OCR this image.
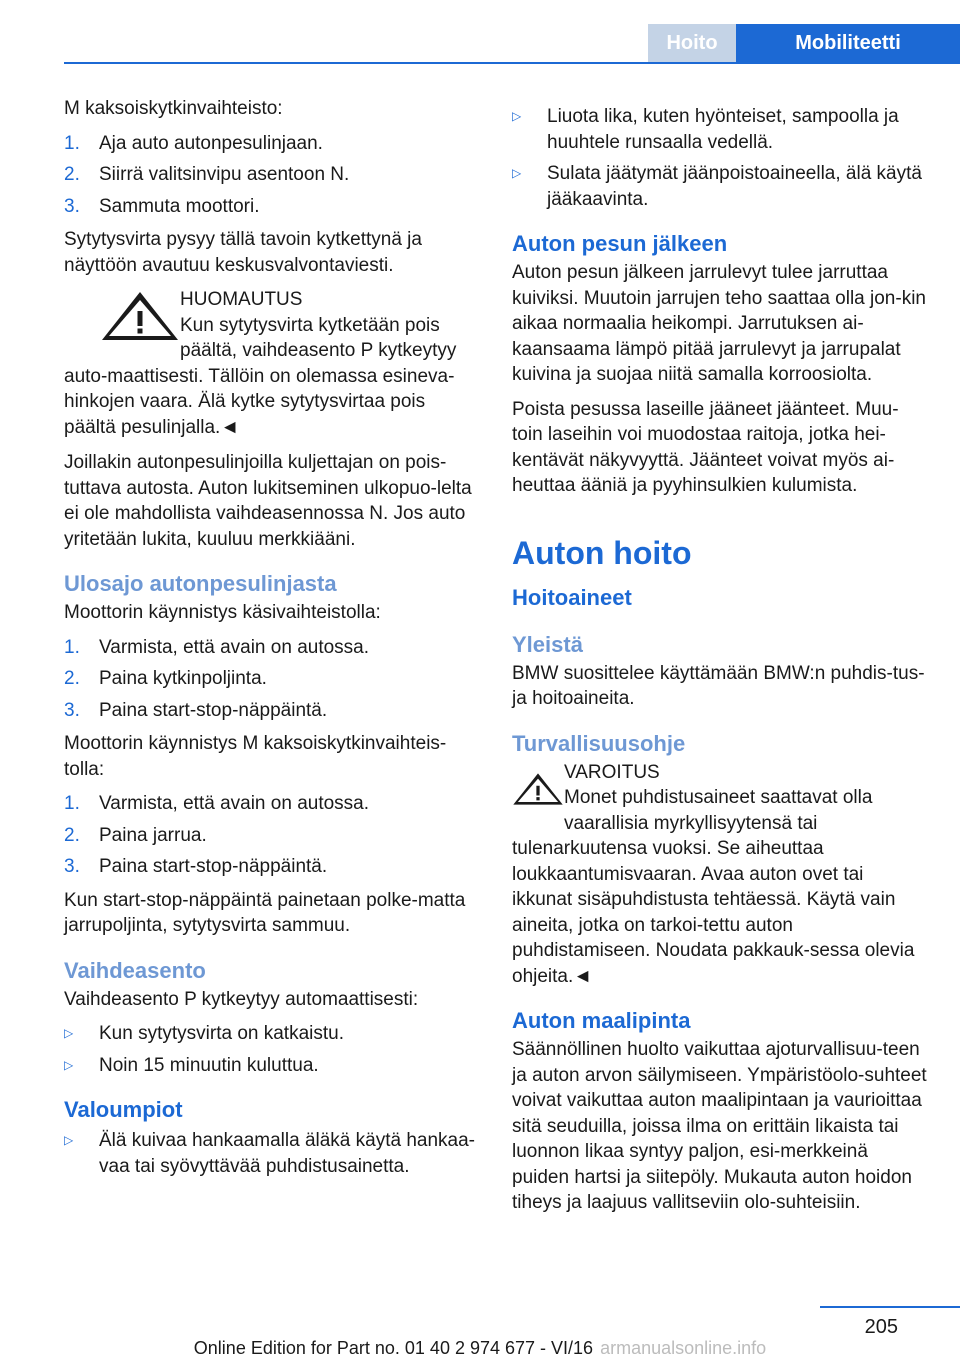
Hoito	Mobiliteetti

M kaksoiskytkinvaihteisto:

1.	Aja auto autonpesulinjaan.
2.	Siirrä valitsinvipu asentoon N.
3.	Sammuta moottori.

Sytytysvirta pysyy tällä tavoin kytkettynä ja näyttöön avautuu keskusvalvontaviesti.

HUOMAUTUS
Kun sytytysvirta kytketään pois päältä, vaihdeasento P kytkeytyy auto‐maattisesti. Tällöin on olemassa esineva‐hinkojen vaara. Älä kytke sytytysvirtaa pois päältä pesulinjalla.◄

Joillakin autonpesulinjoilla kuljettajan on pois‐tuttava autosta. Auton lukitseminen ulkopuo‐lelta ei ole mahdollista vaihdeasennossa N. Jos auto yritetään lukita, kuuluu merkkiääni.

Ulosajo autonpesulinjasta

Moottorin käynnistys käsivaihteistolla:

1.	Varmista, että avain on autossa.
2.	Paina kytkinpoljinta.
3.	Paina start-stop-näppäintä.

Moottorin käynnistys M kaksoiskytkinvaihteis‐tolla:

1.	Varmista, että avain on autossa.
2.	Paina jarrua.
3.	Paina start-stop-näppäintä.

Kun start-stop-näppäintä painetaan polke‐matta jarrupoljinta, sytytysvirta sammuu.

Vaihdeasento

Vaihdeasento P kytkeytyy automaattisesti:

▷	Kun sytytysvirta on katkaistu.
▷	Noin 15 minuutin kuluttua.
Valoumpiot
▷	Älä kuivaa hankaamalla äläkä käytä hankaa‐vaa tai syövyttävää puhdistusainetta.
▷	Liuota lika, kuten hyönteiset, sampoolla ja huuhtele runsaalla vedellä.
▷	Sulata jäätymät jäänpoistoaineella, älä käytä jääkaavinta.
Auton pesun jälkeen

Auton pesun jälkeen jarrulevyt tulee jarruttaa kuiviksi. Muutoin jarrujen teho saattaa olla jon‐kin aikaa normaalia heikompi. Jarrutuksen ai‐kaansaama lämpö pitää jarrulevyt ja jarrupalat kuivina ja suojaa niitä samalla korroosiolta.

Poista pesussa laseille jääneet jäänteet. Muu‐toin laseihin voi muodostaa raitoja, jotka hei‐kentävät näkyvyyttä. Jäänteet voivat myös ai‐heuttaa ääniä ja pyyhinsulkien kulumista.

Auton hoito
Hoitoaineet
Yleistä

BMW suosittelee käyttämään BMW:n puhdis‐tus- ja hoitoaineita.

Turvallisuusohje
VAROITUS
Monet puhdistusaineet saattavat olla vaarallisia myrkyllisyytensä tai tulenarkuutensa vuoksi. Se aiheuttaa loukkaantumisvaaran. Avaa auton ovet tai ikkunat sisäpuhdistusta tehtäessä. Käytä vain aineita, jotka on tarkoi‐tettu auton puhdistamiseen. Noudata pakkauk‐sessa olevia ohjeita.◄
Auton maalipinta

Säännöllinen huolto vaikuttaa ajoturvallisuu‐teen ja auton arvon säilymiseen. Ympäristöolo‐suhteet voivat vaikuttaa auton maalipintaan ja vaurioittaa sitä seuduilla, joissa ilma on erittäin likaista tai luonnon likaa syntyy paljon, esi‐merkkeinä puiden hartsi ja siitepöly. Mukauta auton hoidon tiheys ja laajuus vallitseviin olo‐suhteisiin.

205
Online Edition for Part no. 01 40 2 974 677 - VI/16 armanualsonline.info
